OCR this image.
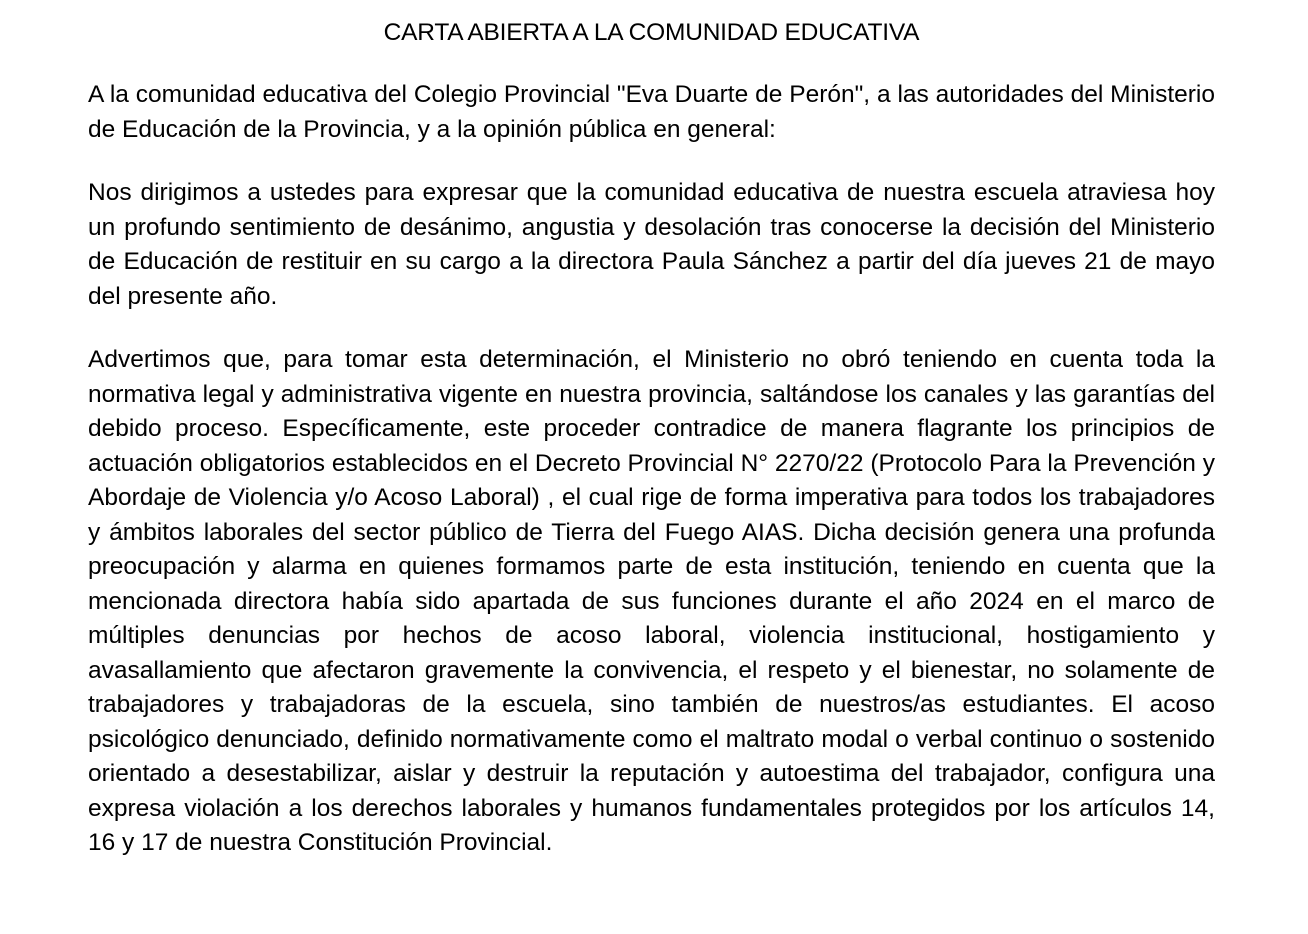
CARTA ABIERTA A LA COMUNIDAD EDUCATIVA

A la comunidad educativa del Colegio Provincial "Eva Duarte de Perón", a las autoridades del Ministerio de Educación de la Provincia, y a la opinión pública en general:

Nos dirigimos a ustedes para expresar que la comunidad educativa de nuestra escuela atraviesa hoy un profundo sentimiento de desánimo, angustia y desolación tras conocerse la decisión del Ministerio de Educación de restituir en su cargo a la directora Paula Sánchez a partir del día jueves 21 de mayo del presente año.

Advertimos que, para tomar esta determinación, el Ministerio no obró teniendo en cuenta toda la normativa legal y administrativa vigente en nuestra provincia, saltándose los canales y las garantías del debido proceso. Específicamente, este proceder contradice de manera flagrante los principios de actuación obligatorios establecidos en el Decreto Provincial N° 2270/22 (Protocolo Para la Prevención y Abordaje de Violencia y/o Acoso Laboral) , el cual rige de forma imperativa para todos los trabajadores y ámbitos laborales del sector público de Tierra del Fuego AIAS. Dicha decisión genera una profunda preocupación y alarma en quienes formamos parte de esta institución, teniendo en cuenta que la mencionada directora había sido apartada de sus funciones durante el año 2024 en el marco de múltiples denuncias por hechos de acoso laboral, violencia institucional, hostigamiento y avasallamiento que afectaron gravemente la convivencia, el respeto y el bienestar, no solamente de trabajadores y trabajadoras de la escuela, sino también de nuestros/as estudiantes. El acoso psicológico denunciado, definido normativamente como el maltrato modal o verbal continuo o sostenido orientado a desestabilizar, aislar y destruir la reputación y autoestima del trabajador, configura una expresa violación a los derechos laborales y humanos fundamentales protegidos por los artículos 14, 16 y 17 de nuestra Constitución Provincial.
